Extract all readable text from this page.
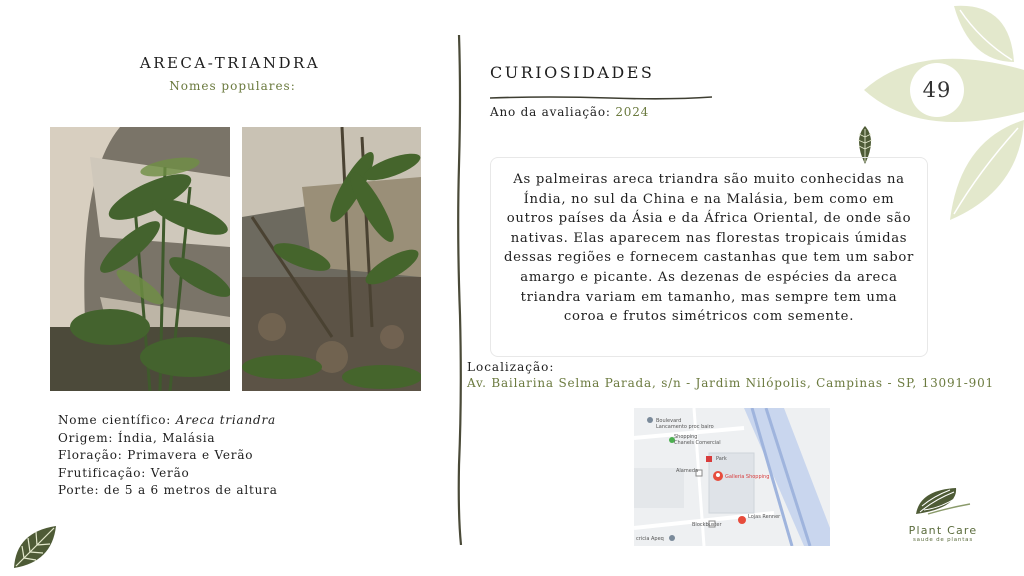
ARECA-TRIANDRA
Nomes populares:
Nome científico: Areca triandra
Origem: Índia, Malásia
Floração: Primavera e Verão
Frutificação: Verão
Porte: de 5 a 6 metros de altura
CURIOSIDADES
Ano da avaliação: 2024
As palmeiras areca triandra são muito conhecidas na Índia, no sul da China e na Malásia, bem como em outros países da Ásia e da África Oriental, de onde são nativas. Elas aparecem nas florestas tropicais úmidas dessas regiões e fornecem castanhas que tem um sabor amargo e picante. As dezenas de espécies da areca triandra variam em tamanho, mas sempre tem uma coroa e frutos simétricos com semente.
Localização:
Av. Bailarina Selma Parada, s/n - Jardim Nilópolis, Campinas - SP, 13091-901
Boulevard
Lancamento proc bairo
Shopping
Chanels Comercial
Alameda
Park
Galleria Shopping
Blockbuster
Lojas Renner
cricia Apeq
49
Plant Care
saude de plantas
